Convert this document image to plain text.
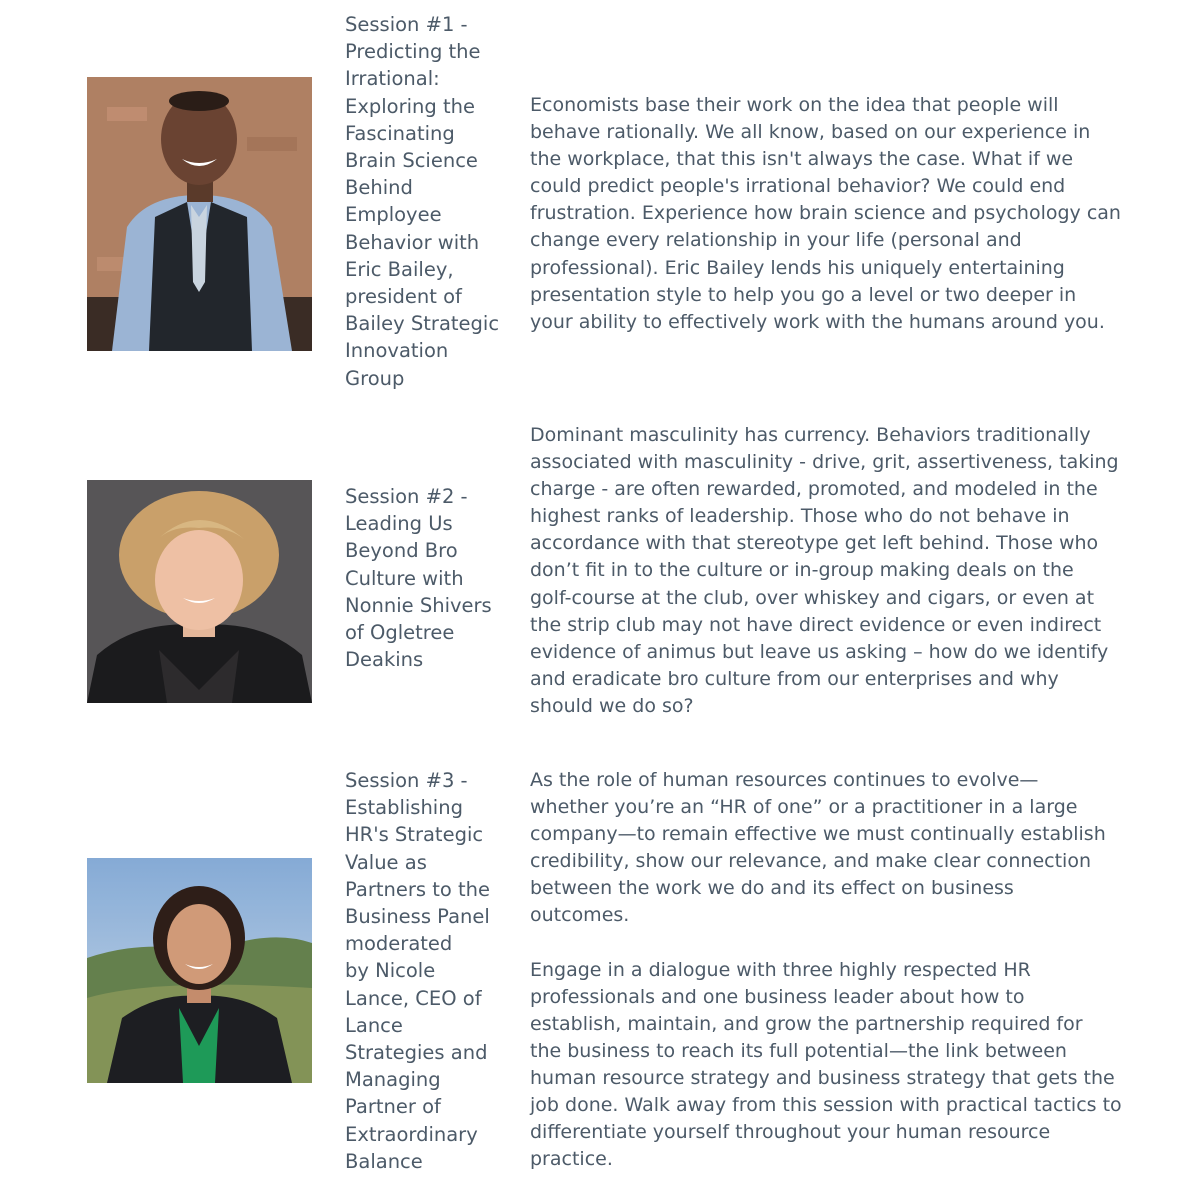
Session #1 -
Predicting the
Irrational:
Exploring the
Fascinating
Brain Science
Behind
Employee
Behavior with
Eric Bailey,
president of
Bailey Strategic
Innovation
Group

Economists base their work on the idea that people will
behave rationally. We all know, based on our experience in
the workplace, that this isn't always the case. What if we
could predict people's irrational behavior? We could end
frustration. Experience how brain science and psychology can
change every relationship in your life (personal and
professional). Eric Bailey lends his uniquely entertaining
presentation style to help you go a level or two deeper in
your ability to effectively work with the humans around you.

Session #2 -
Leading Us
Beyond Bro
Culture with
Nonnie Shivers
of Ogletree
Deakins

Dominant masculinity has currency. Behaviors traditionally
associated with masculinity - drive, grit, assertiveness, taking
charge - are often rewarded, promoted, and modeled in the
highest ranks of leadership. Those who do not behave in
accordance with that stereotype get left behind. Those who
don’t fit in to the culture or in-group making deals on the
golf-course at the club, over whiskey and cigars, or even at
the strip club may not have direct evidence or even indirect
evidence of animus but leave us asking – how do we identify
and eradicate bro culture from our enterprises and why
should we do so?

Session #3 -
Establishing
HR's Strategic
Value as
Partners to the
Business Panel
moderated
by Nicole
Lance, CEO of
Lance
Strategies and
Managing
Partner of
Extraordinary
Balance

As the role of human resources continues to evolve—
whether you’re an “HR of one” or a practitioner in a large
company—to remain effective we must continually establish
credibility, show our relevance, and make clear connection
between the work we do and its effect on business
outcomes.

Engage in a dialogue with three highly respected HR
professionals and one business leader about how to
establish, maintain, and grow the partnership required for
the business to reach its full potential—the link between
human resource strategy and business strategy that gets the
job done. Walk away from this session with practical tactics to
differentiate yourself throughout your human resource
practice.
